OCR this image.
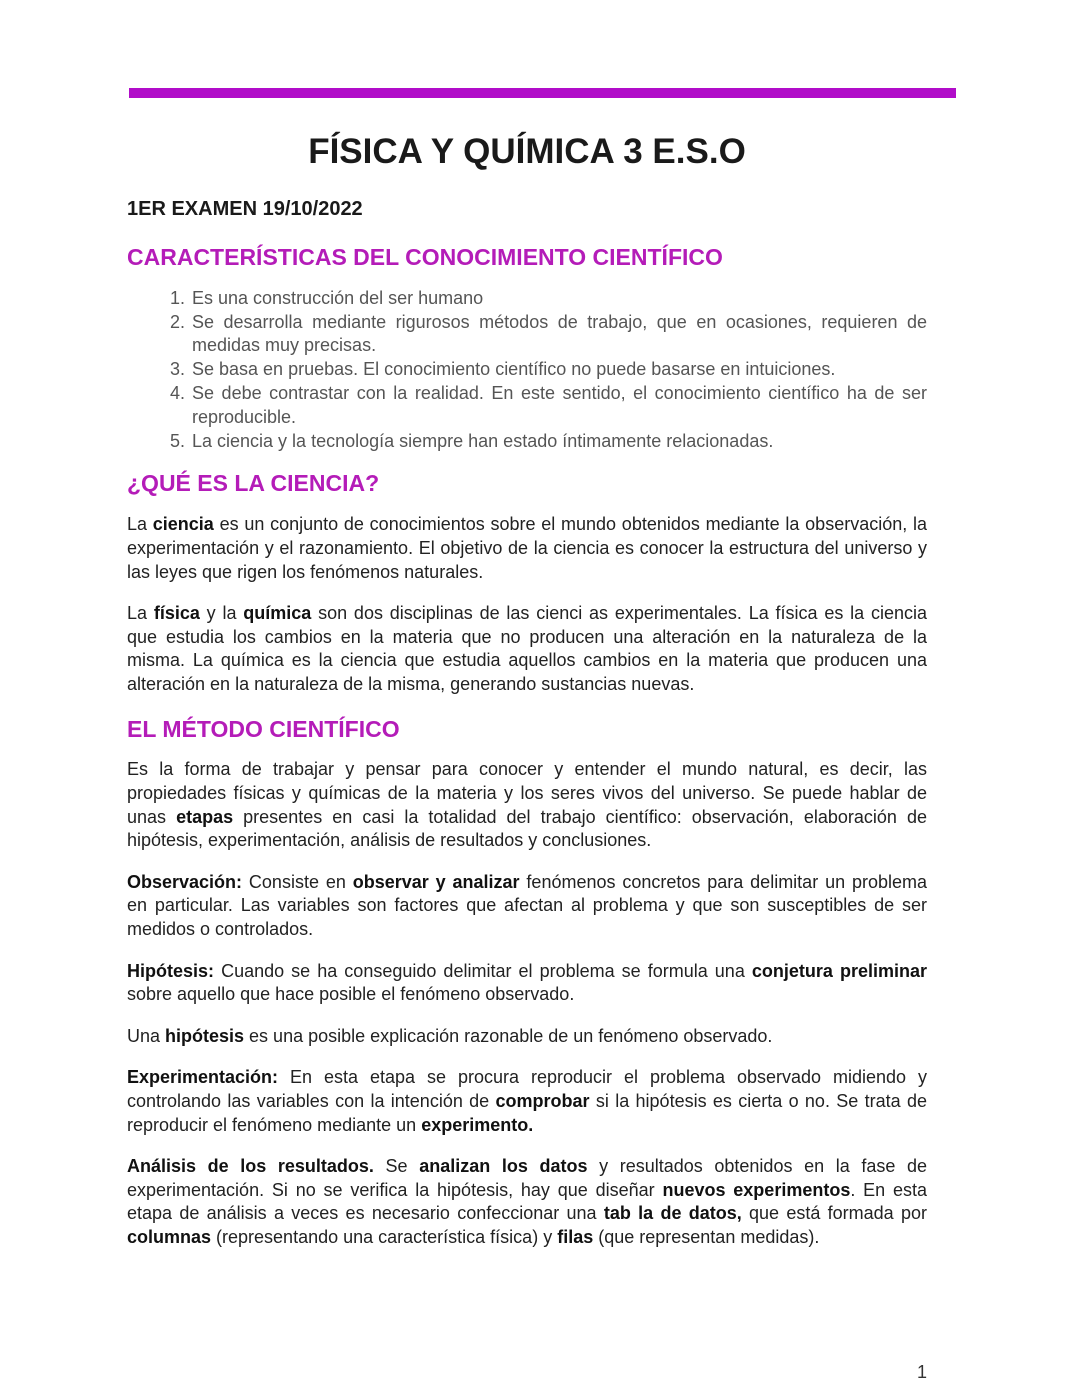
FÍSICA Y QUÍMICA 3 E.S.O
1ER EXAMEN 19/10/2022
CARACTERÍSTICAS DEL CONOCIMIENTO CIENTÍFICO
1. Es una construcción del ser humano
2. Se desarrolla mediante rigurosos métodos de trabajo, que en ocasiones, requieren de medidas muy precisas.
3. Se basa en pruebas. El conocimiento científico no puede basarse en intuiciones.
4. Se debe contrastar con la realidad. En este sentido, el conocimiento científico ha de ser reproducible.
5. La ciencia y la tecnología siempre han estado íntimamente relacionadas.
¿QUÉ ES LA CIENCIA?

La ciencia es un conjunto de conocimientos sobre el mundo obtenidos mediante la observación, la experimentación y el razonamiento. El objetivo de la ciencia es conocer la estructura del universo y las leyes que rigen los fenómenos naturales.

La física y la química son dos disciplinas de las cienci as experimentales. La física es la ciencia que estudia los cambios en la materia que no producen una alteración en la naturaleza de la misma. La química es la ciencia que estudia aquellos cambios en la materia que producen una alteración en la naturaleza de la misma, generando sustancias nuevas.

EL MÉTODO CIENTÍFICO

Es la forma de trabajar y pensar para conocer y entender el mundo natural, es decir, las propiedades físicas y químicas de la materia y los seres vivos del universo. Se puede hablar de unas etapas presentes en casi la totalidad del trabajo científico: observación, elaboración de hipótesis, experimentación, análisis de resultados y conclusiones.

Observación: Consiste en observar y analizar fenómenos concretos para delimitar un problema en particular. Las variables son factores que afectan al problema y que son susceptibles de ser medidos o controlados.

Hipótesis: Cuando se ha conseguido delimitar el problema se formula una conjetura preliminar sobre aquello que hace posible el fenómeno observado.

Una hipótesis es una posible explicación razonable de un fenómeno observado.

Experimentación: En esta etapa se procura reproducir el problema observado midiendo y controlando las variables con la intención de comprobar si la hipótesis es cierta o no. Se trata de reproducir el fenómeno mediante un experimento.

Análisis de los resultados. Se analizan los datos y resultados obtenidos en la fase de experimentación. Si no se verifica la hipótesis, hay que diseñar nuevos experimentos. En esta etapa de análisis a veces es necesario confeccionar una tab la de datos, que está formada por columnas (representando una característica física) y filas (que representan medidas).

1
